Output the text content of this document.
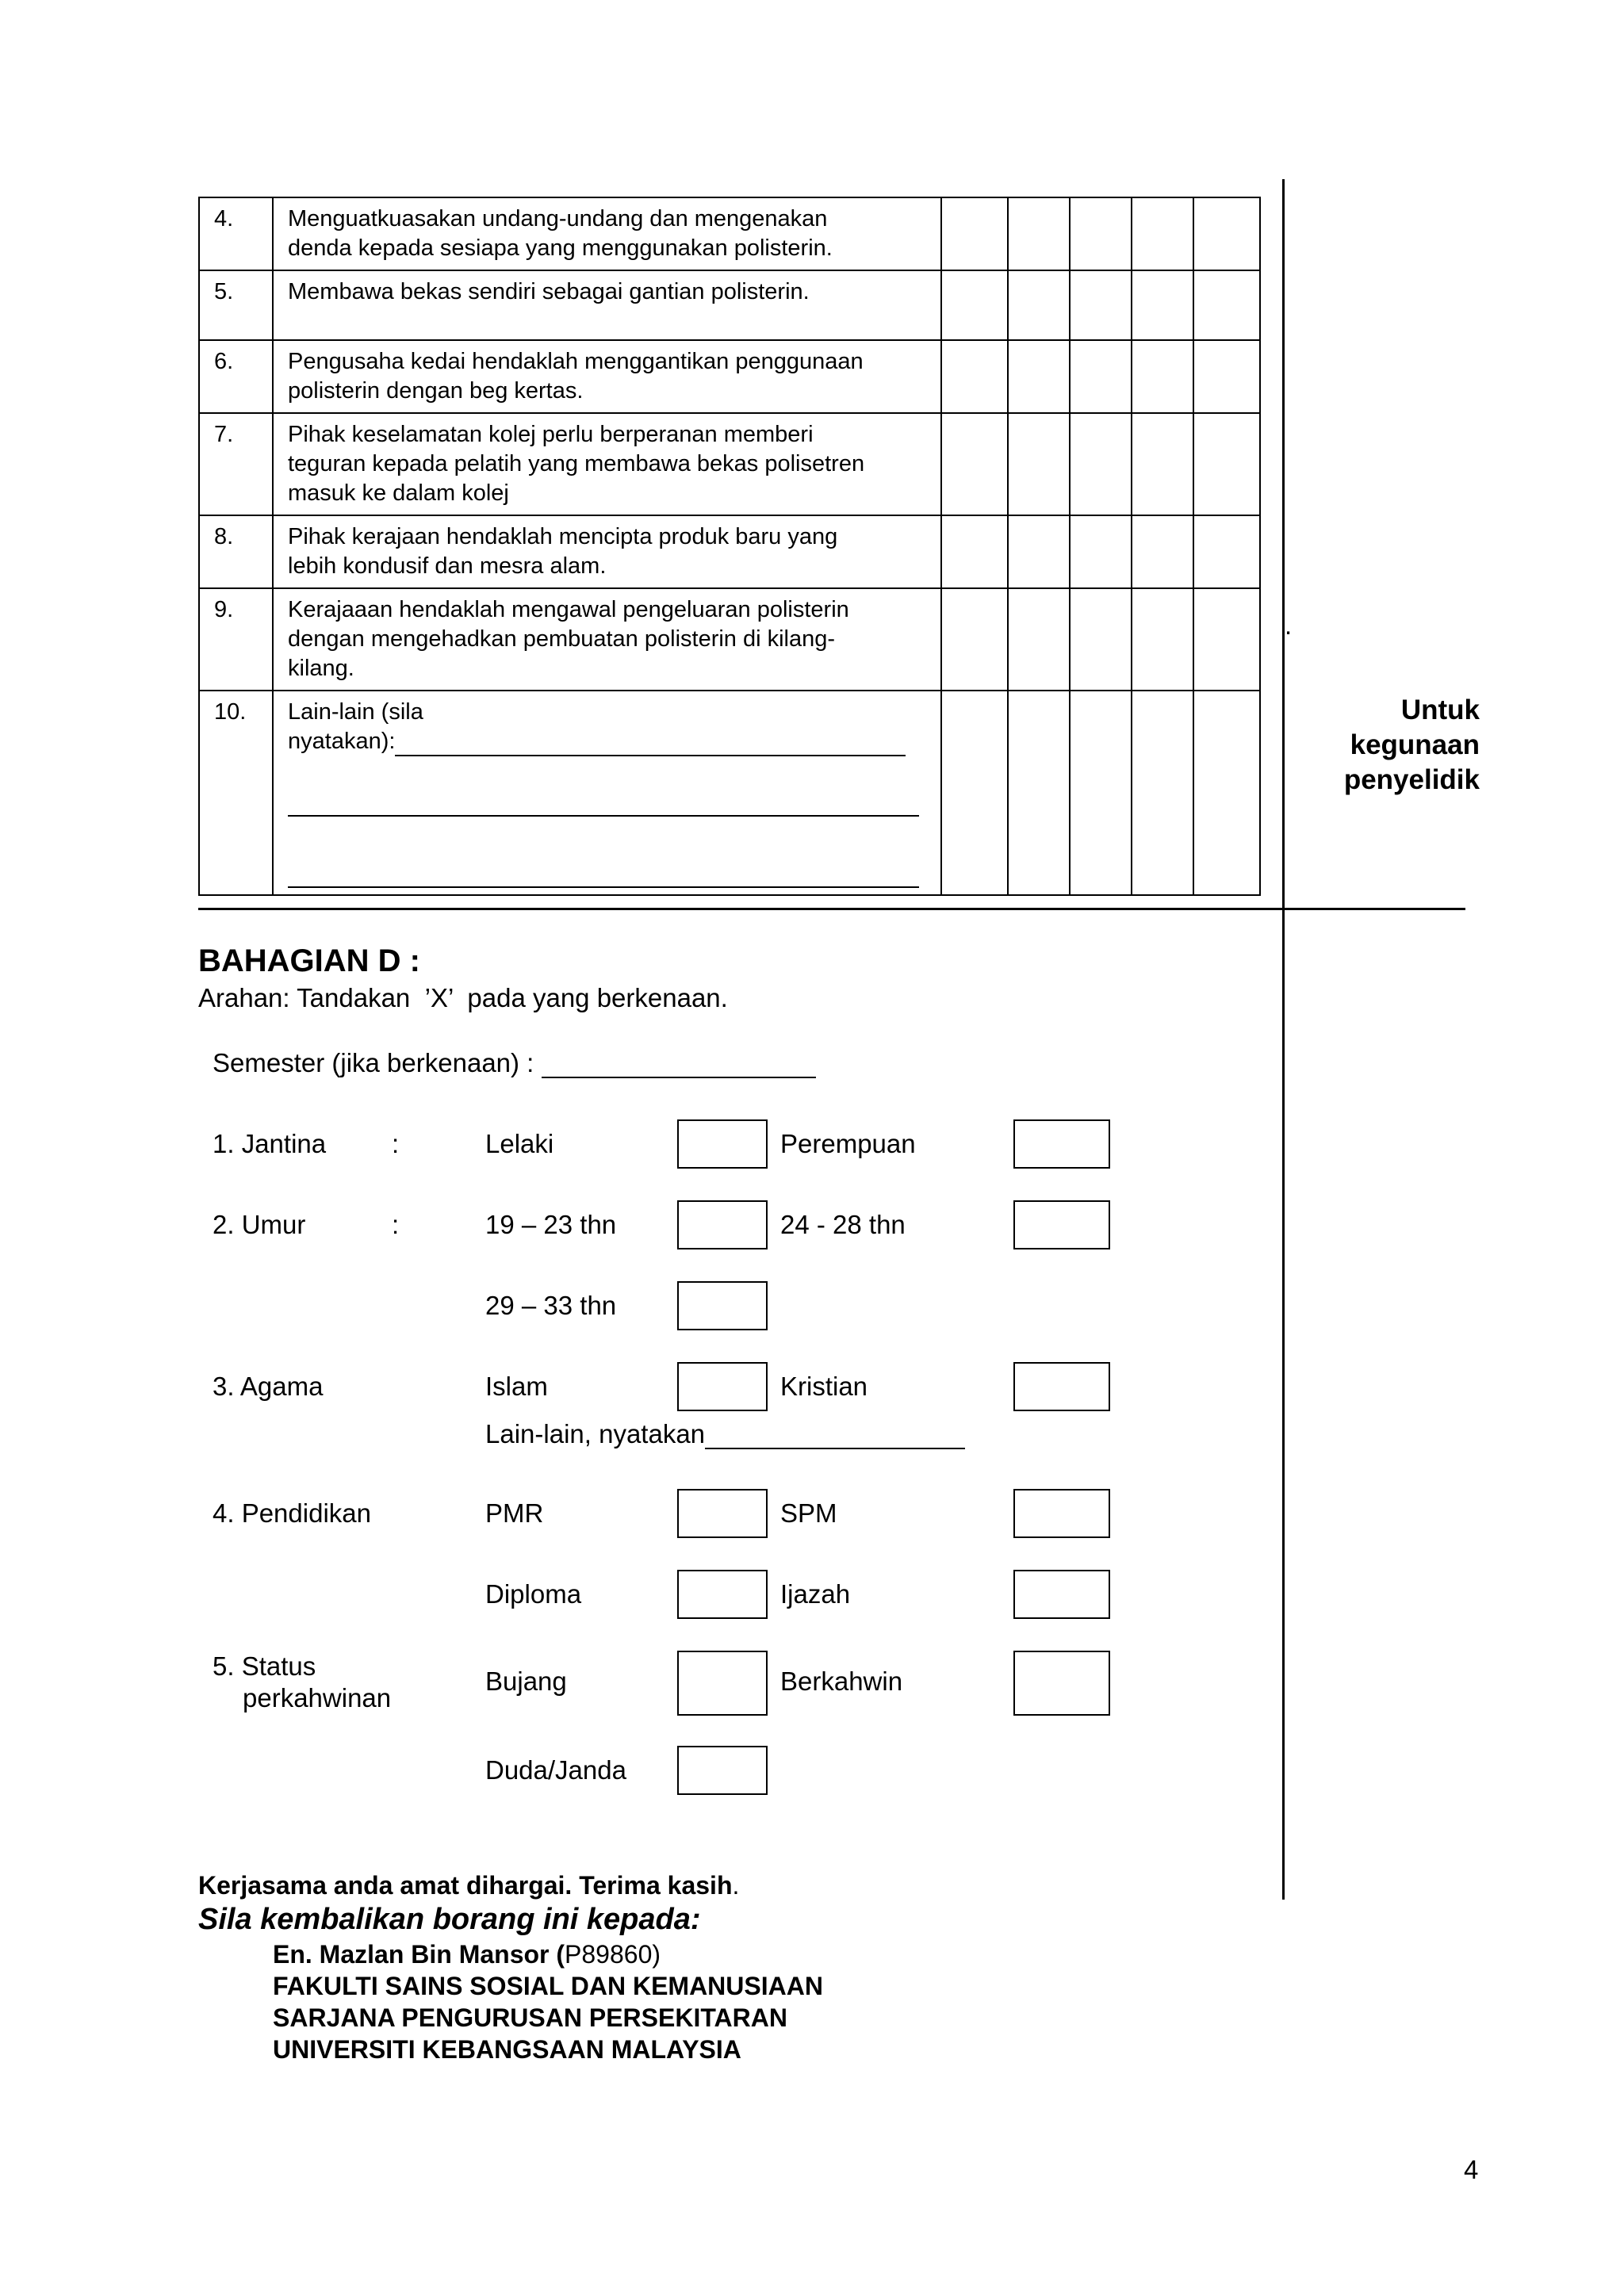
4.	Menguatkuasakan undang-undang dan mengenakan
denda kepada sesiapa yang menggunakan polisterin.					

5.	Membawa bekas sendiri sebagai gantian polisterin.					

6.	Pengusaha kedai hendaklah menggantikan penggunaan
polisterin dengan beg kertas.					

7.	Pihak keselamatan kolej perlu berperanan memberi
teguran kepada pelatih yang membawa bekas polisetren
masuk ke dalam kolej					

8.	Pihak kerajaan hendaklah mencipta produk baru yang
lebih kondusif dan mesra alam.					

9.	Kerajaaan hendaklah mengawal pengeluaran polisterin
dengan mengehadkan pembuatan polisterin di kilang-
kilang.					

10.	Lain-lain (sila
nyatakan):					

.
Untuk
kegunaan
penyelidik
BAHAGIAN D :
Arahan: Tandakan  ’X’  pada yang berkenaan.
Semester (jika berkenaan) :
1. Jantina	:	Lelaki	Perempuan
2. Umur	:	19 – 23 thn	24 - 28 thn
29 – 33 thn
3. Agama	Islam	Kristian
Lain-lain, nyatakan
4. Pendidikan	PMR	SPM
Diploma	Ijazah
5. Status
perkahwinan
Bujang	Berkahwin
Duda/Janda
Kerjasama anda amat dihargai. Terima kasih.
Sila kembalikan borang ini kepada:
En. Mazlan Bin Mansor (P89860)
FAKULTI SAINS SOSIAL DAN KEMANUSIAAN
SARJANA PENGURUSAN PERSEKITARAN
UNIVERSITI KEBANGSAAN MALAYSIA
4
